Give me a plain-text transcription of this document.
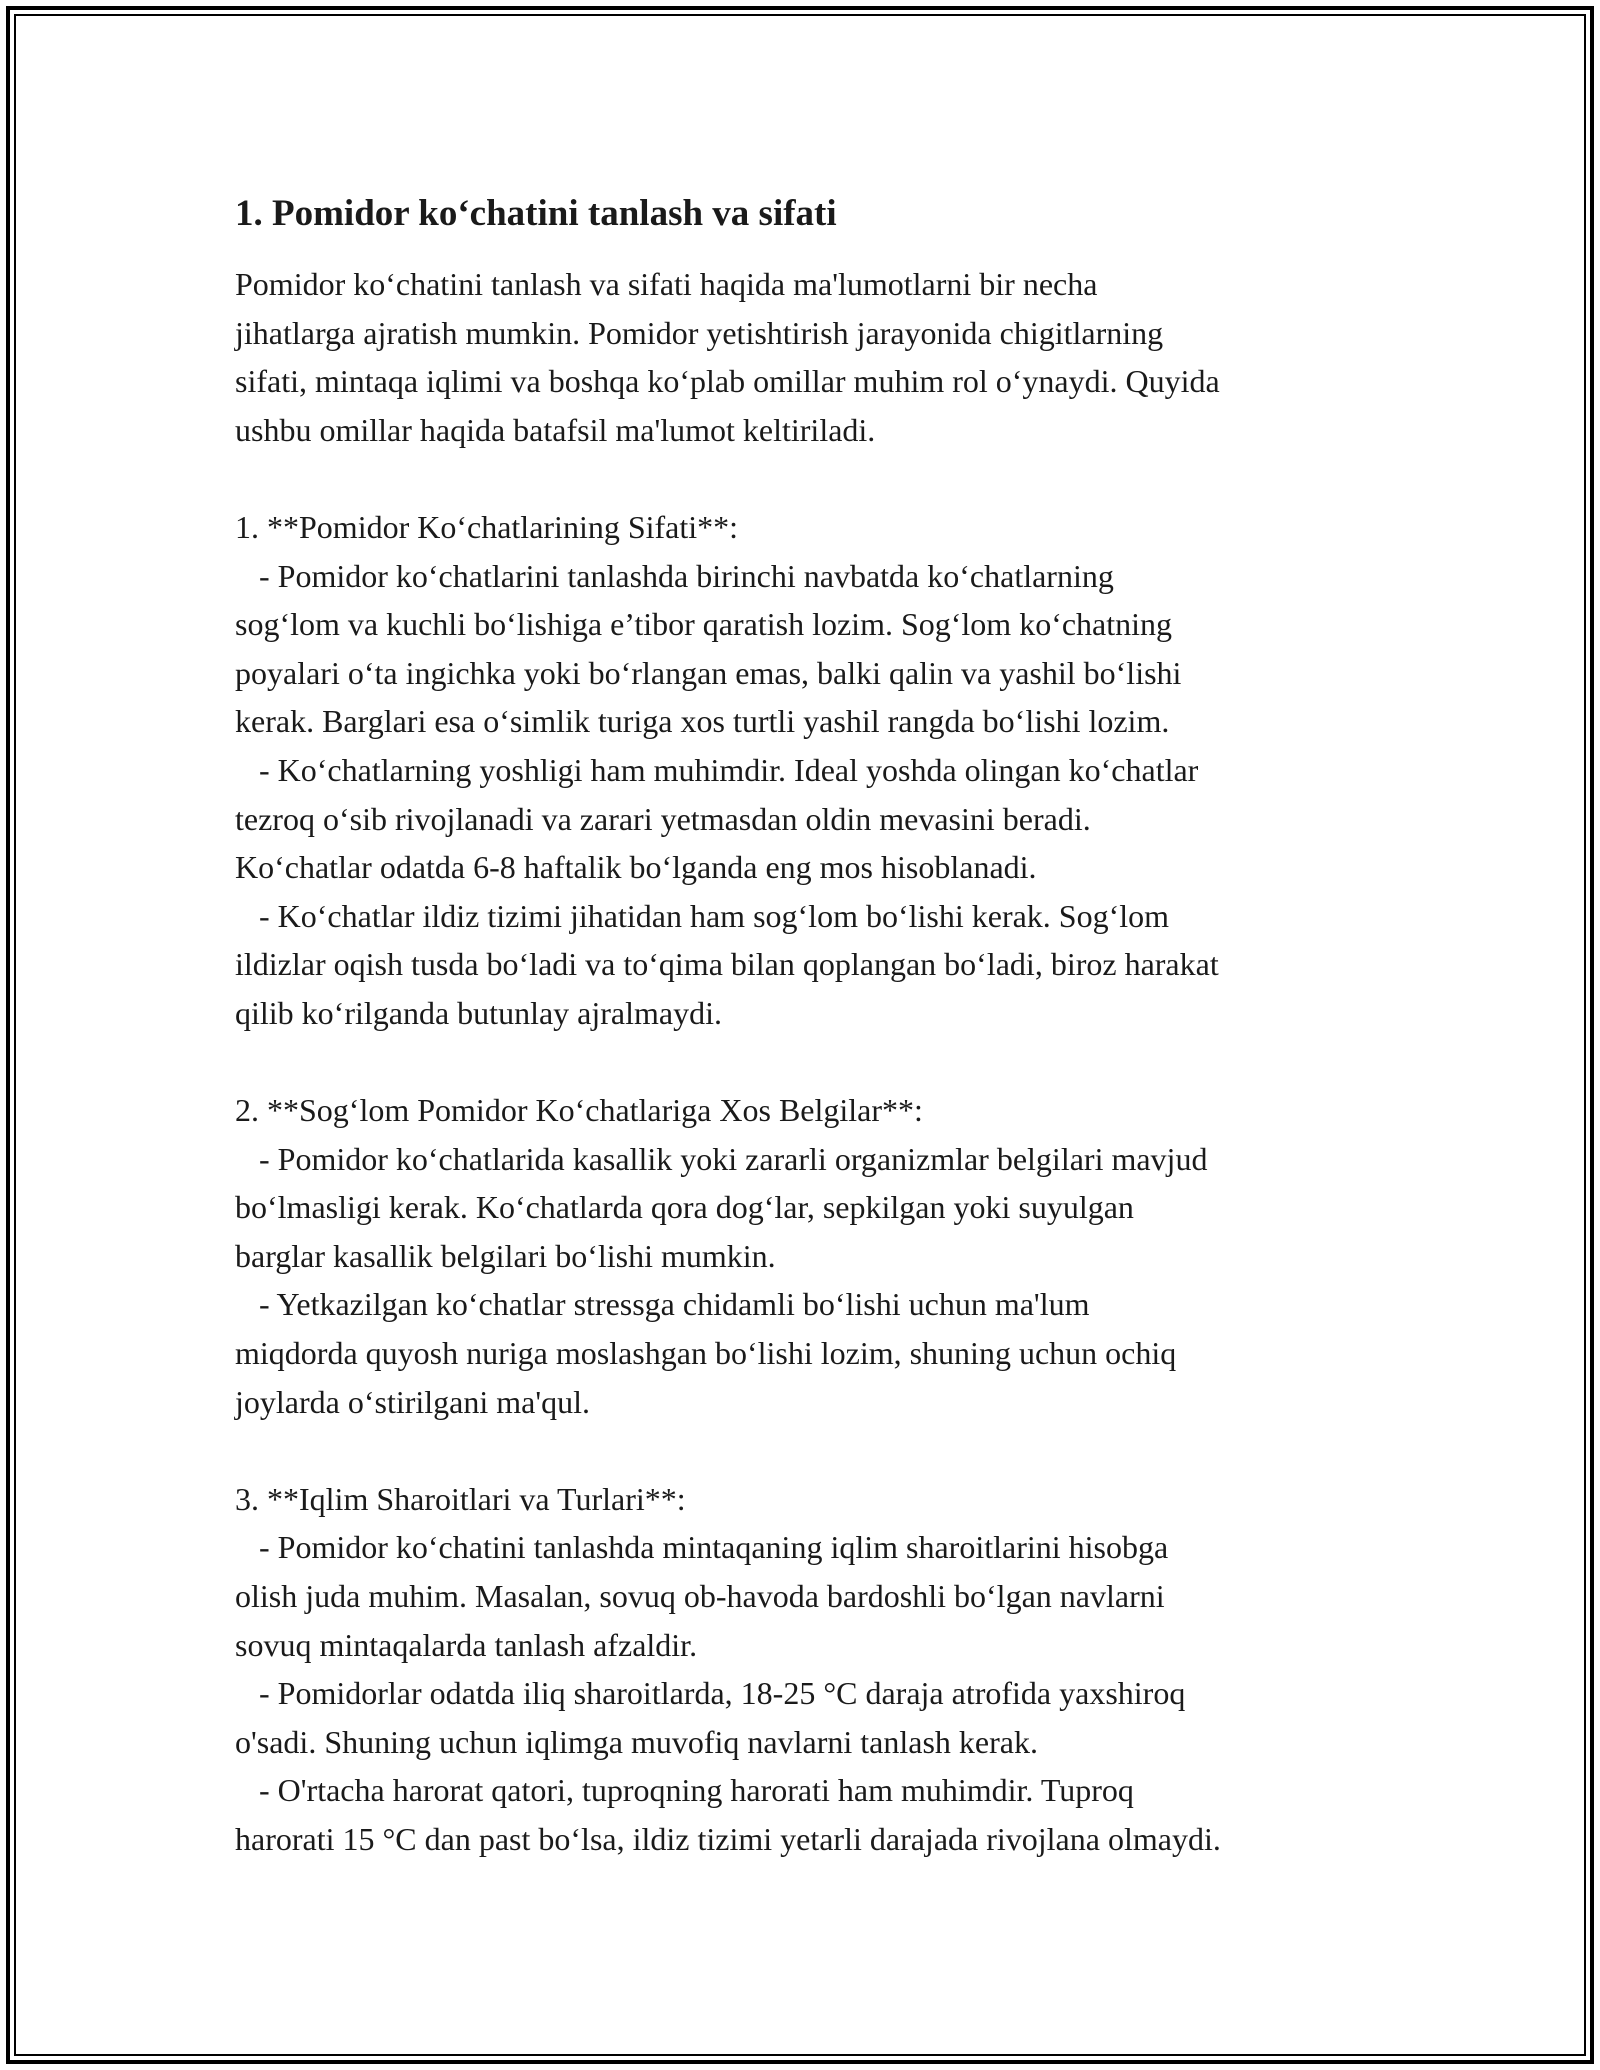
1. Pomidor ko‘chatini tanlash va sifati

Pomidor ko‘chatini tanlash va sifati haqida ma'lumotlarni bir necha
jihatlarga ajratish mumkin. Pomidor yetishtirish jarayonida chigitlarning
sifati, mintaqa iqlimi va boshqa ko‘plab omillar muhim rol o‘ynaydi. Quyida
ushbu omillar haqida batafsil ma'lumot keltiriladi.

1. **Pomidor Ko‘chatlarining Sifati**:

- Pomidor ko‘chatlarini tanlashda birinchi navbatda ko‘chatlarning
sog‘lom va kuchli bo‘lishiga e’tibor qaratish lozim. Sog‘lom ko‘chatning
poyalari o‘ta ingichka yoki bo‘rlangan emas, balki qalin va yashil bo‘lishi
kerak. Barglari esa o‘simlik turiga xos turtli yashil rangda bo‘lishi lozim.
- Ko‘chatlarning yoshligi ham muhimdir. Ideal yoshda olingan ko‘chatlar
tezroq o‘sib rivojlanadi va zarari yetmasdan oldin mevasini beradi.
Ko‘chatlar odatda 6-8 haftalik bo‘lganda eng mos hisoblanadi.
- Ko‘chatlar ildiz tizimi jihatidan ham sog‘lom bo‘lishi kerak. Sog‘lom
ildizlar oqish tusda bo‘ladi va to‘qima bilan qoplangan bo‘ladi, biroz harakat
qilib ko‘rilganda butunlay ajralmaydi.

2. **Sog‘lom Pomidor Ko‘chatlariga Xos Belgilar**:

- Pomidor ko‘chatlarida kasallik yoki zararli organizmlar belgilari mavjud
bo‘lmasligi kerak. Ko‘chatlarda qora dog‘lar, sepkilgan yoki suyulgan
barglar kasallik belgilari bo‘lishi mumkin.
- Yetkazilgan ko‘chatlar stressga chidamli bo‘lishi uchun ma'lum
miqdorda quyosh nuriga moslashgan bo‘lishi lozim, shuning uchun ochiq
joylarda o‘stirilgani ma'qul.

3. **Iqlim Sharoitlari va Turlari**:

- Pomidor ko‘chatini tanlashda mintaqaning iqlim sharoitlarini hisobga
olish juda muhim. Masalan, sovuq ob-havoda bardoshli bo‘lgan navlarni
sovuq mintaqalarda tanlash afzaldir.
- Pomidorlar odatda iliq sharoitlarda, 18-25 °C daraja atrofida yaxshiroq
o'sadi. Shuning uchun iqlimga muvofiq navlarni tanlash kerak.
- O'rtacha harorat qatori, tuproqning harorati ham muhimdir. Tuproq
harorati 15 °C dan past bo‘lsa, ildiz tizimi yetarli darajada rivojlana olmaydi.
